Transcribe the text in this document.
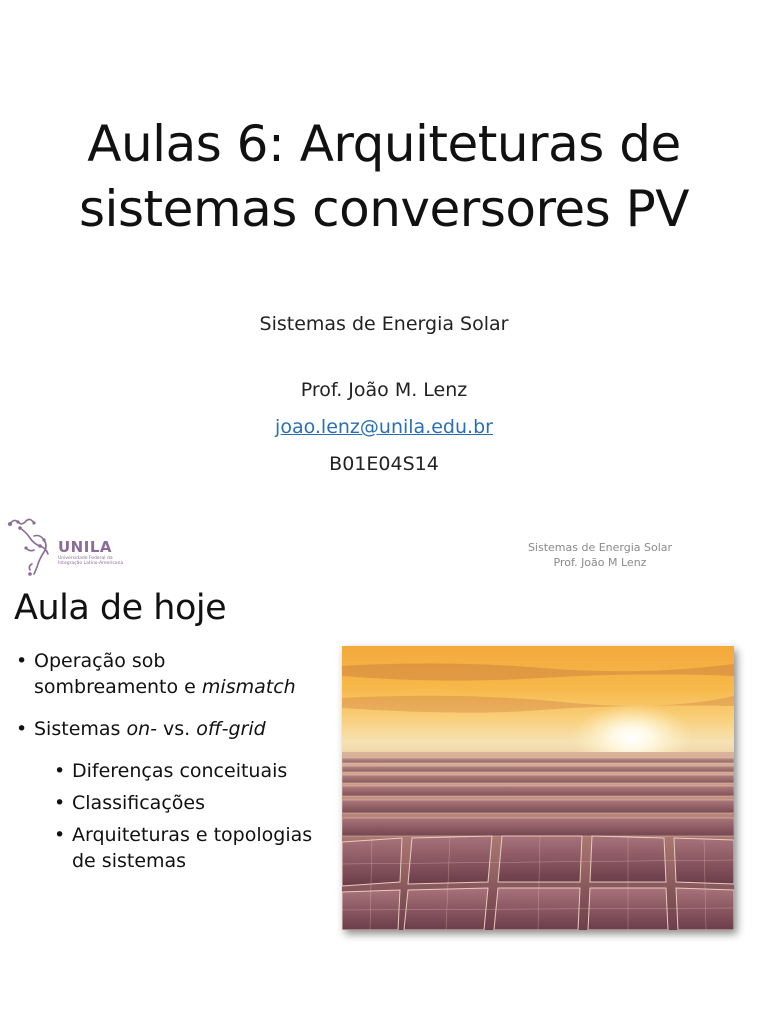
Aulas 6: Arquiteturas de
sistemas conversores PV
Sistemas de Energia Solar
Prof. João M. Lenz
joao.lenz@unila.edu.br
B01E04S14
UNILA
Universidade Federal da Integração Latino-Americana
Sistemas de Energia Solar
Prof. João M Lenz
Aula de hoje
• Operação sob
sombreamento e mismatch
• Sistemas on- vs. off-grid
• Diferenças conceituais
• Classificações
• Arquiteturas e topologias
de sistemas
